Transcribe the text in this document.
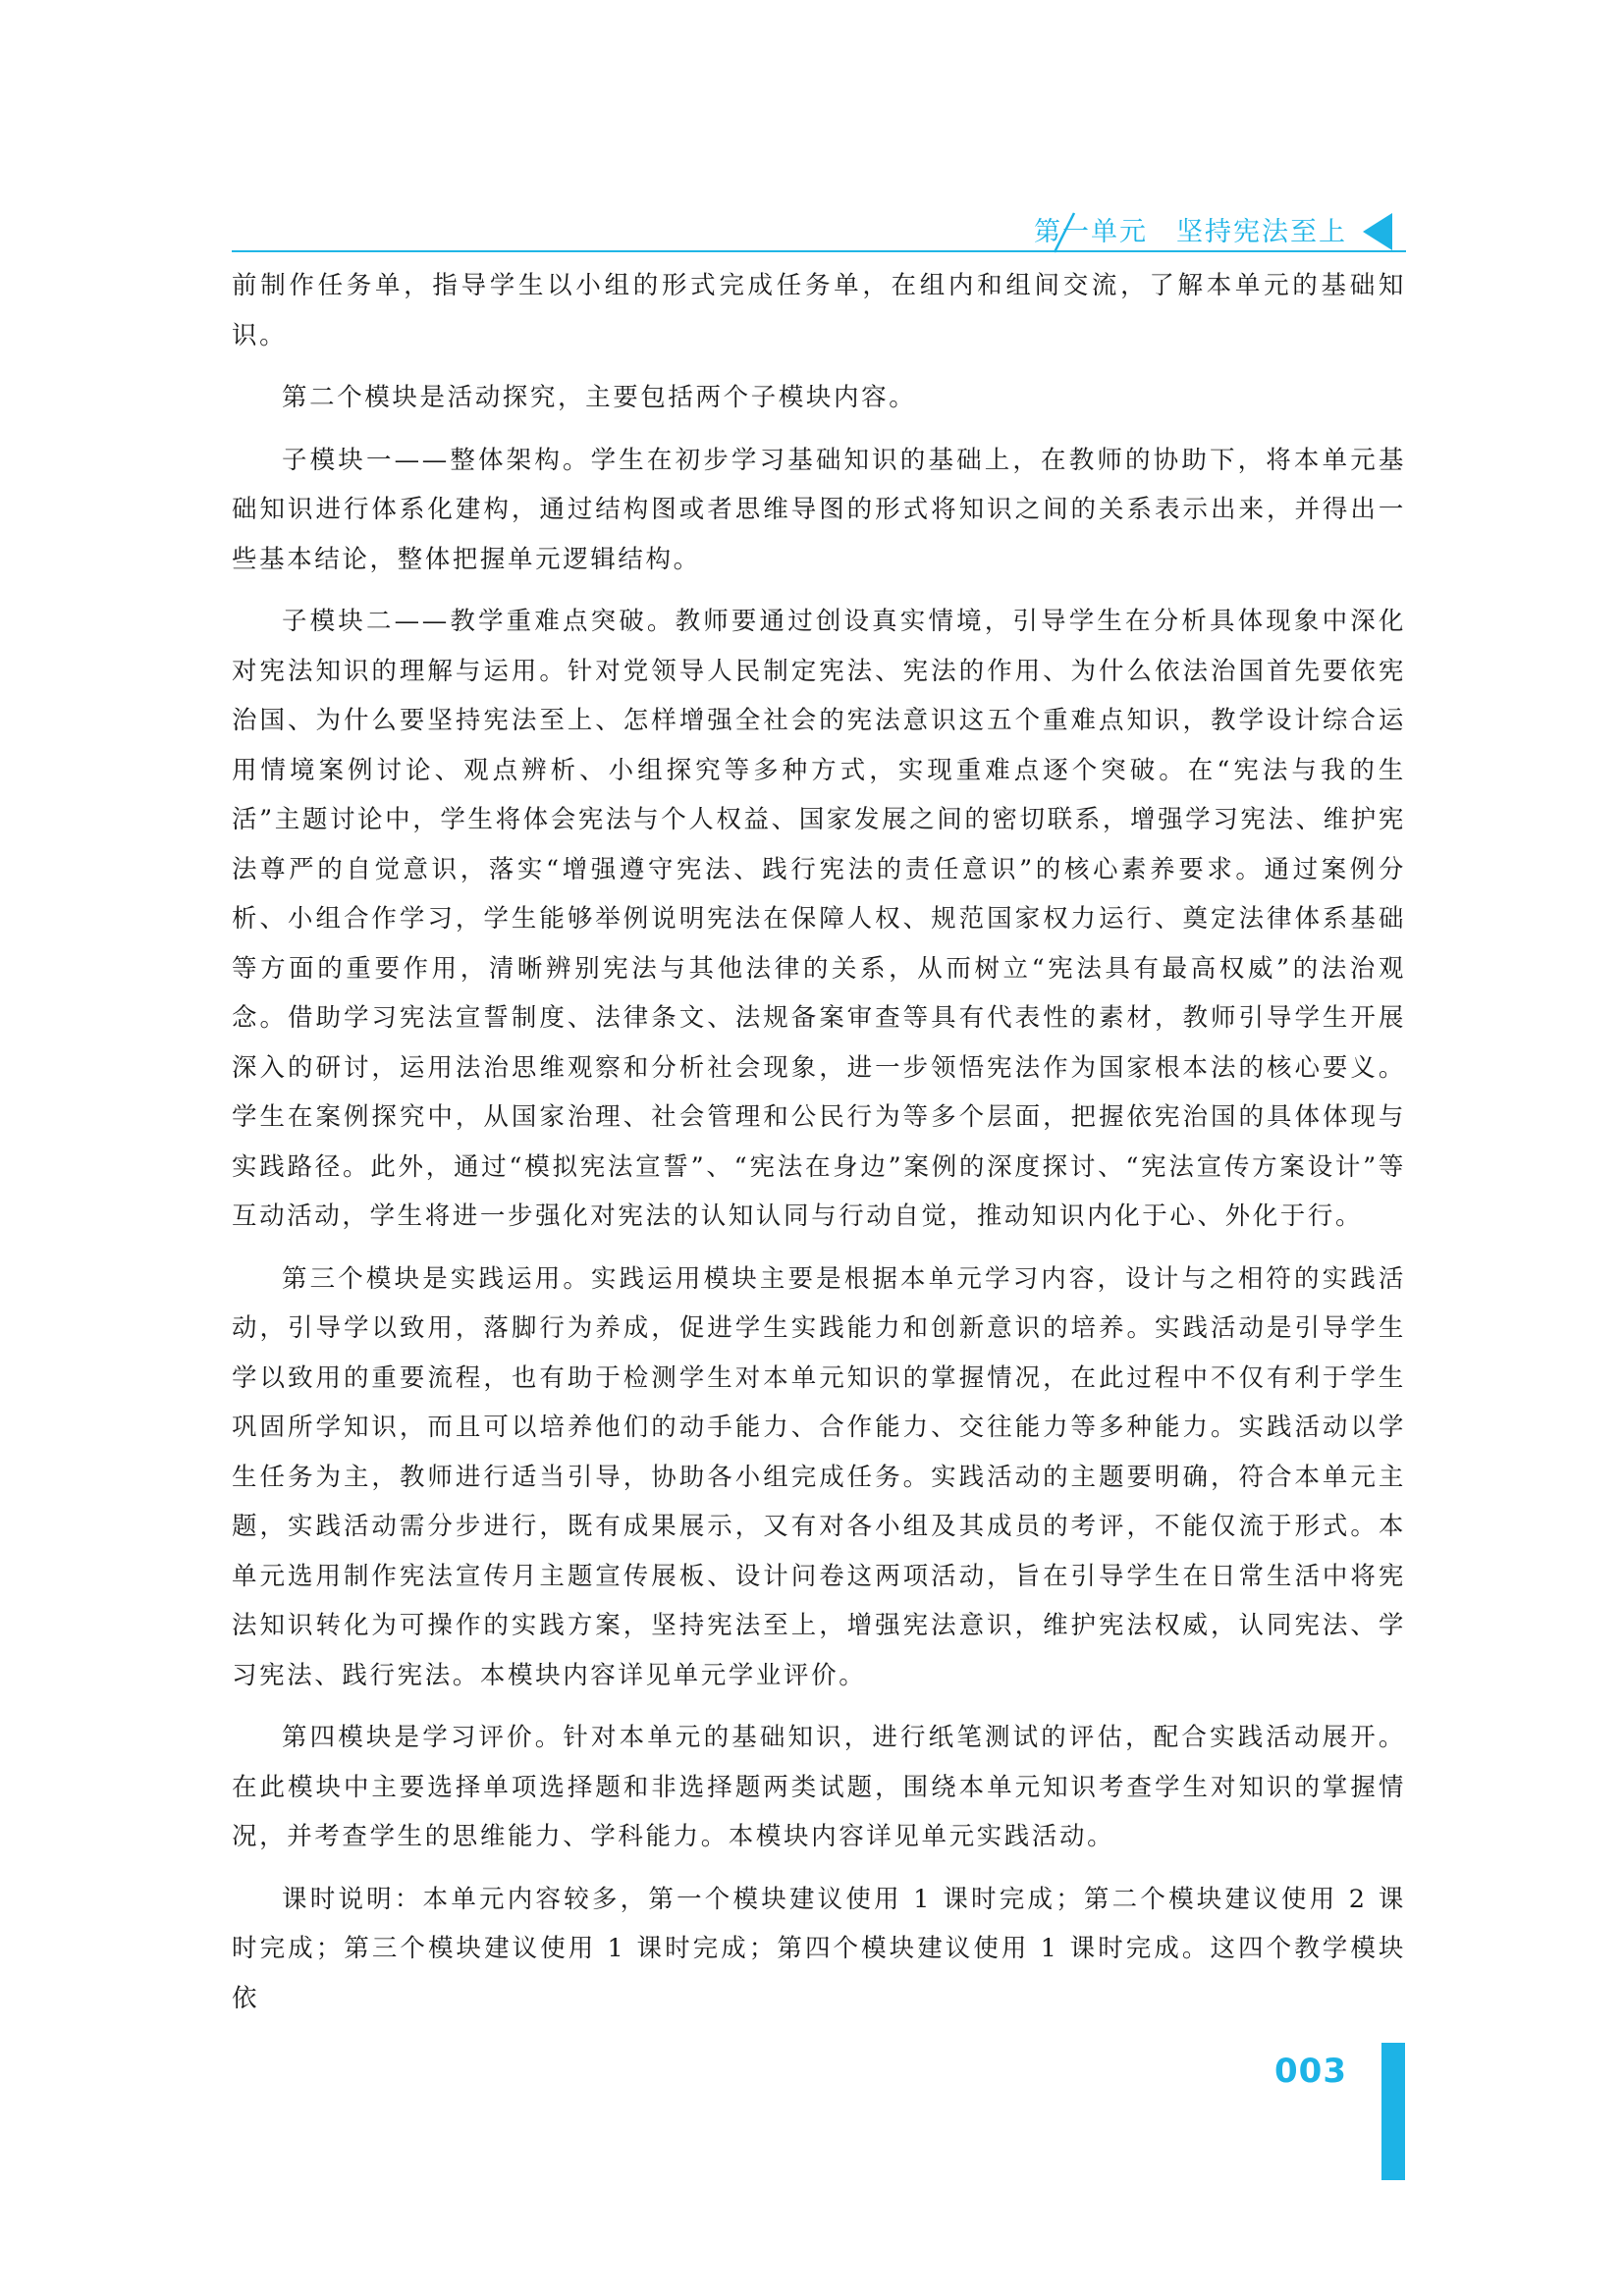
第一单元　坚持宪法至上

前制作任务单，指导学生以小组的形式完成任务单，在组内和组间交流，了解本单元的基础知识。

第二个模块是活动探究，主要包括两个子模块内容。

子模块一——整体架构。学生在初步学习基础知识的基础上，在教师的协助下，将本单元基础知识进行体系化建构，通过结构图或者思维导图的形式将知识之间的关系表示出来，并得出一些基本结论，整体把握单元逻辑结构。

子模块二——教学重难点突破。教师要通过创设真实情境，引导学生在分析具体现象中深化对宪法知识的理解与运用。针对党领导人民制定宪法、宪法的作用、为什么依法治国首先要依宪治国、为什么要坚持宪法至上、怎样增强全社会的宪法意识这五个重难点知识，教学设计综合运用情境案例讨论、观点辨析、小组探究等多种方式，实现重难点逐个突破。在“宪法与我的生活”主题讨论中，学生将体会宪法与个人权益、国家发展之间的密切联系，增强学习宪法、维护宪法尊严的自觉意识，落实“增强遵守宪法、践行宪法的责任意识”的核心素养要求。通过案例分析、小组合作学习，学生能够举例说明宪法在保障人权、规范国家权力运行、奠定法律体系基础等方面的重要作用，清晰辨别宪法与其他法律的关系，从而树立“宪法具有最高权威”的法治观念。借助学习宪法宣誓制度、法律条文、法规备案审查等具有代表性的素材，教师引导学生开展深入的研讨，运用法治思维观察和分析社会现象，进一步领悟宪法作为国家根本法的核心要义。学生在案例探究中，从国家治理、社会管理和公民行为等多个层面，把握依宪治国的具体体现与实践路径。此外，通过“模拟宪法宣誓”、“宪法在身边”案例的深度探讨、“宪法宣传方案设计”等互动活动，学生将进一步强化对宪法的认知认同与行动自觉，推动知识内化于心、外化于行。

第三个模块是实践运用。实践运用模块主要是根据本单元学习内容，设计与之相符的实践活动，引导学以致用，落脚行为养成，促进学生实践能力和创新意识的培养。实践活动是引导学生学以致用的重要流程，也有助于检测学生对本单元知识的掌握情况，在此过程中不仅有利于学生巩固所学知识，而且可以培养他们的动手能力、合作能力、交往能力等多种能力。实践活动以学生任务为主，教师进行适当引导，协助各小组完成任务。实践活动的主题要明确，符合本单元主题，实践活动需分步进行，既有成果展示，又有对各小组及其成员的考评，不能仅流于形式。本单元选用制作宪法宣传月主题宣传展板、设计问卷这两项活动，旨在引导学生在日常生活中将宪法知识转化为可操作的实践方案，坚持宪法至上，增强宪法意识，维护宪法权威，认同宪法、学习宪法、践行宪法。本模块内容详见单元学业评价。

第四模块是学习评价。针对本单元的基础知识，进行纸笔测试的评估，配合实践活动展开。在此模块中主要选择单项选择题和非选择题两类试题，围绕本单元知识考查学生对知识的掌握情况，并考查学生的思维能力、学科能力。本模块内容详见单元实践活动。

课时说明：本单元内容较多，第一个模块建议使用 1 课时完成；第二个模块建议使用 2 课时完成；第三个模块建议使用 1 课时完成；第四个模块建议使用 1 课时完成。这四个教学模块依

003
